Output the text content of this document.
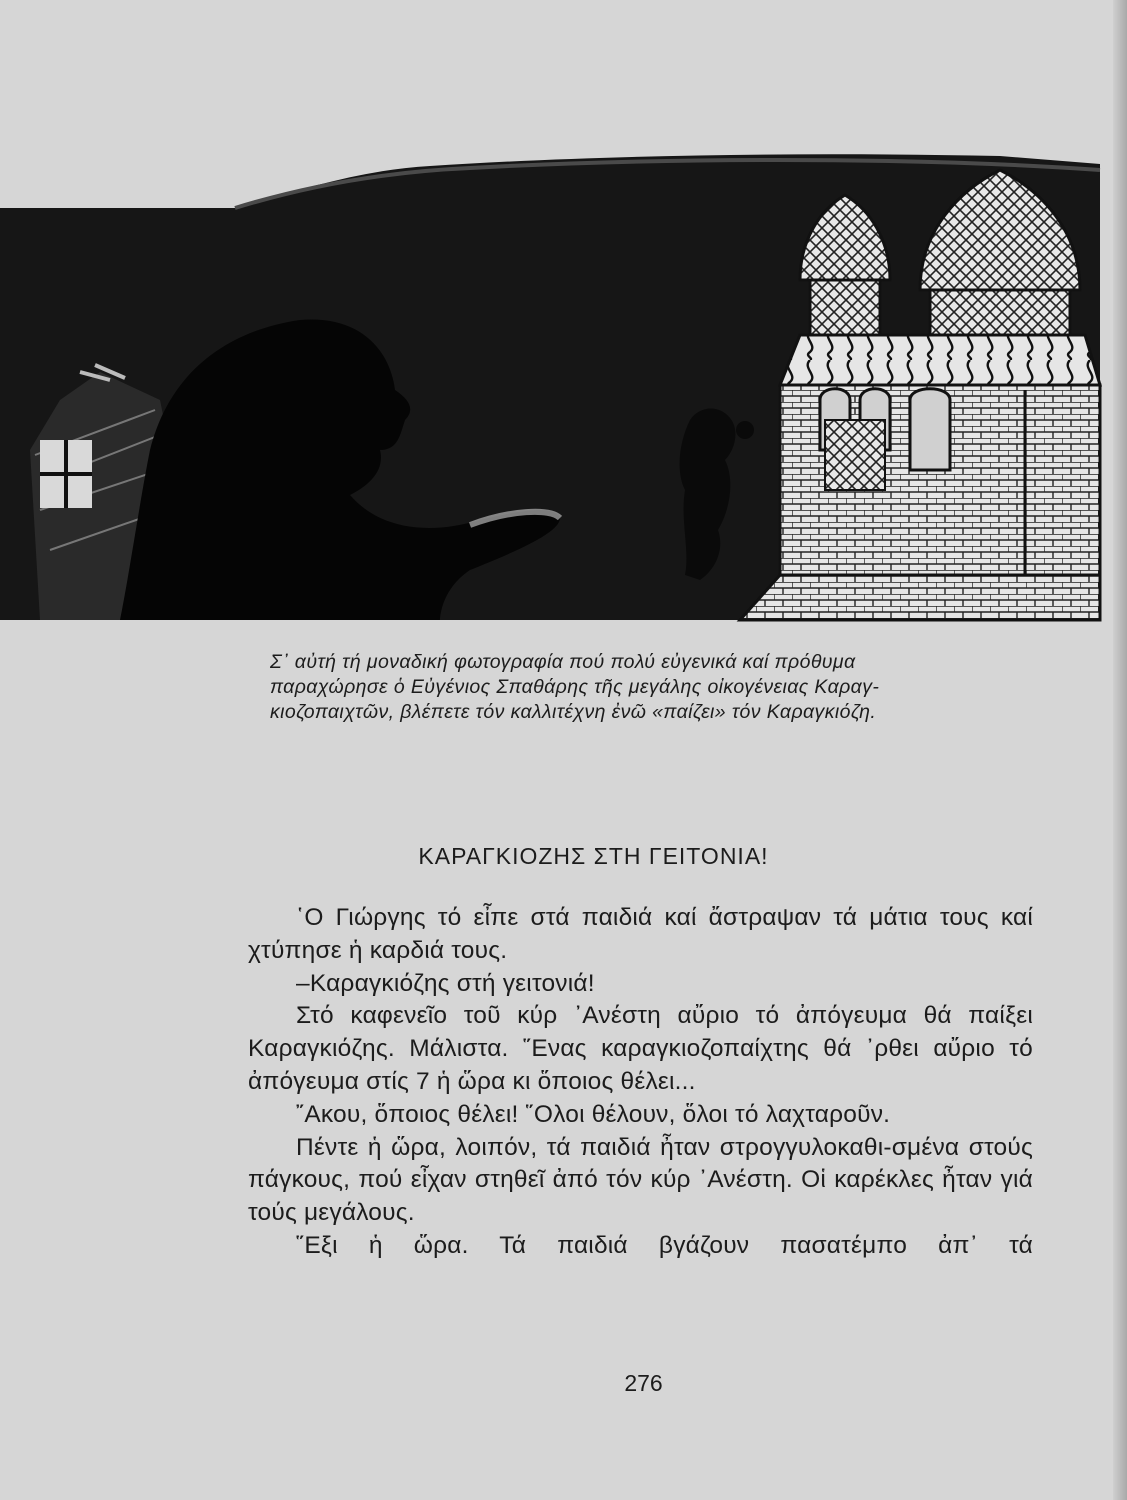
Σ᾽ αὐτή τή μοναδική φωτογραφία πού πολύ εὐγενικά καί πρόθυμα

παραχώρησε ὁ Εὐγένιος Σπαθάρης τῆς μεγάλης οἰκογένειας Καραγ-

κιοζοπαιχτῶν, βλέπετε τόν καλλιτέχνη ἐνῶ «παίζει» τόν Καραγκιόζη.

ΚΑΡΑΓΚΙΟΖΗΣ ΣΤΗ ΓΕΙΤΟΝΙΑ!

῾Ο Γιώργης τό εἶπε στά παιδιά καί ἄστραψαν τά μάτια τους καί χτύπησε ἡ καρδιά τους.

–Καραγκιόζης στή γειτονιά!

Στό καφενεῖο τοῦ κύρ ᾿Ανέστη αὔριο τό ἀπόγευμα θά παίξει Καραγκιόζης. Μάλιστα. ῞Ενας καραγκιοζοπαίχτης θά ᾿ρθει αὔριο τό ἀπόγευμα στίς 7 ἡ ὥρα κι ὅποιος θέλει...

῎Ακου, ὅποιος θέλει! ῞Ολοι θέλουν, ὅλοι τό λαχταροῦν.

Πέντε ἡ ὥρα, λοιπόν, τά παιδιά ἦταν στρογγυλοκαθι-σμένα στούς πάγκους, πού εἶχαν στηθεῖ ἀπό τόν κύρ ᾿Ανέστη. Οἱ καρέκλες ἦταν γιά τούς μεγάλους.

῞Εξι ἡ ὥρα. Τά παιδιά βγάζουν πασατέμπο ἀπ᾿ τά

276
